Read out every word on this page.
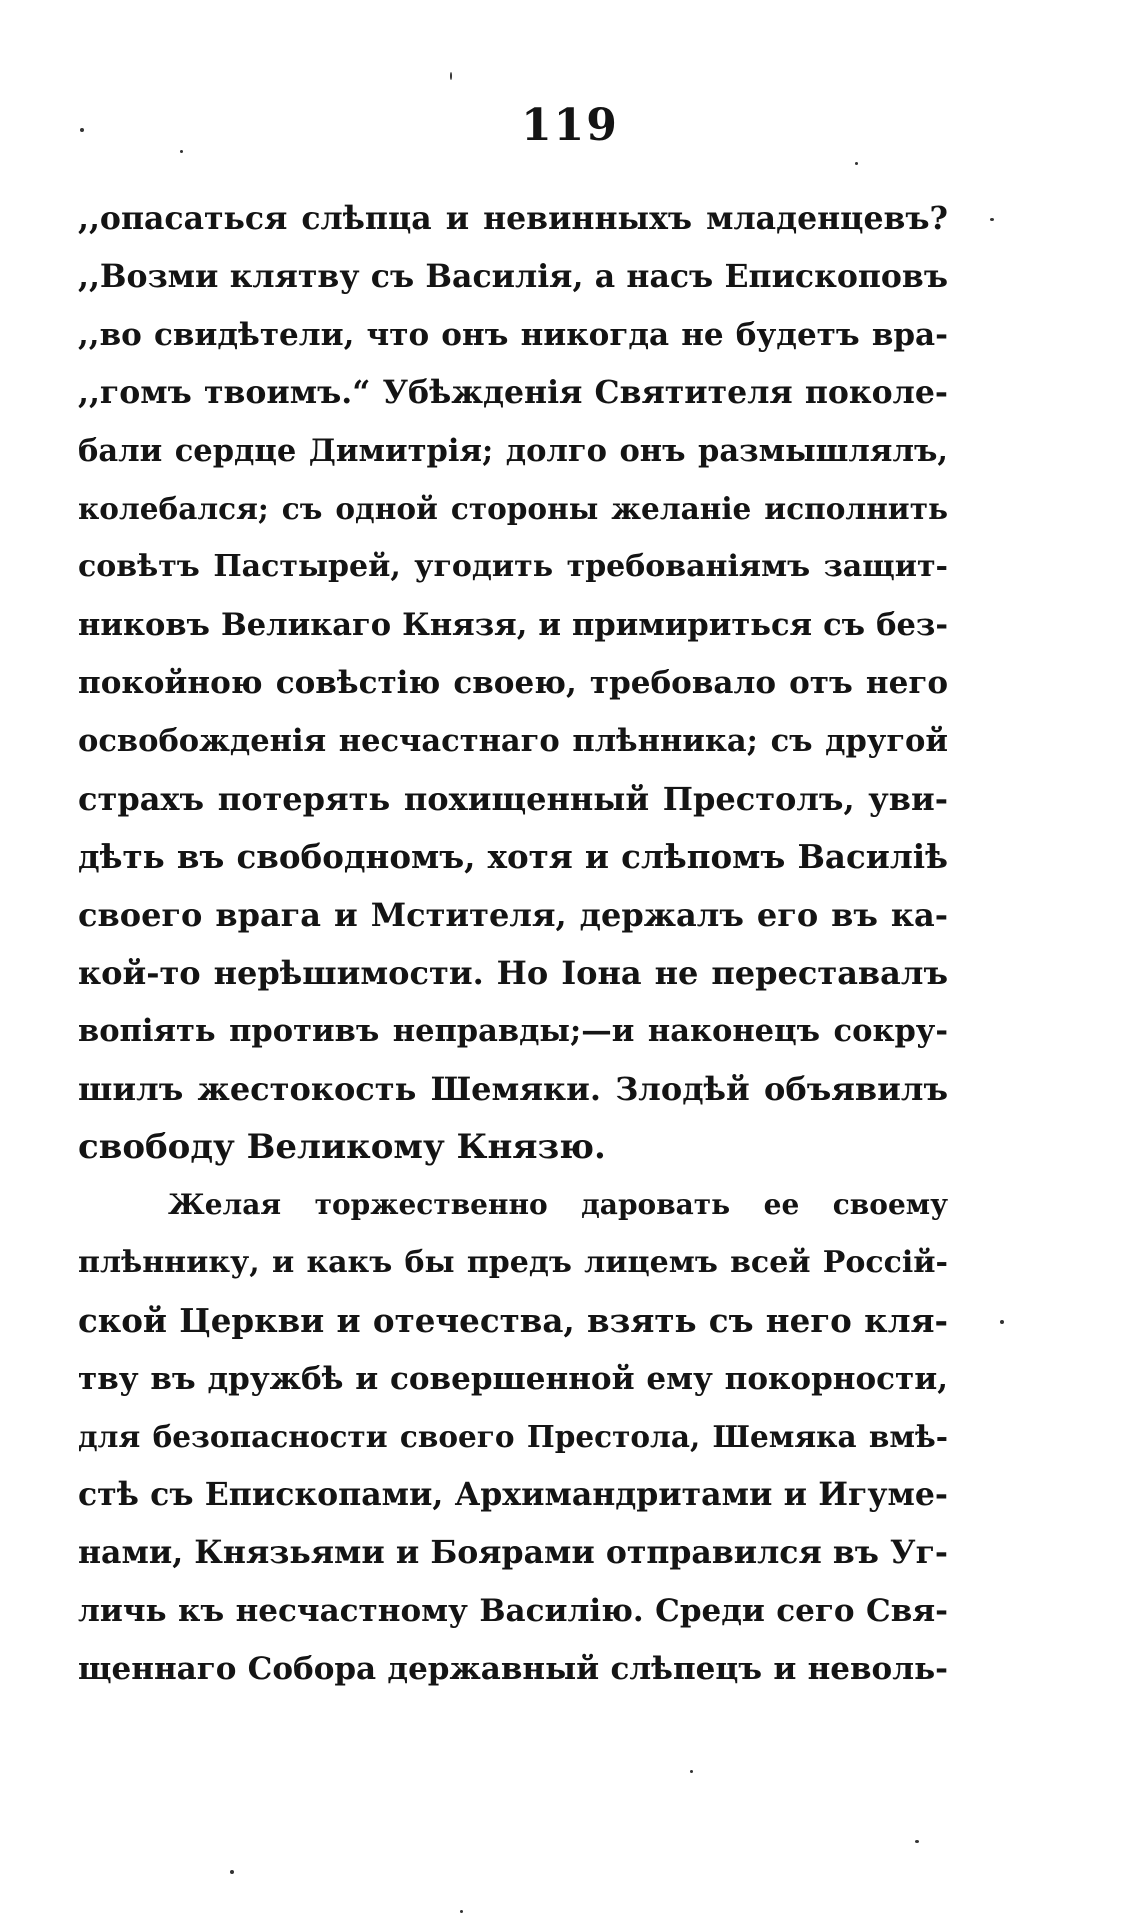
119
,,опасаться слѣпца и невинныхъ младенцевъ?
,,Возми клятву съ Василія, а насъ Епископовъ
,,во свидѣтели, что онъ никогда не будетъ вра-
,,гомъ твоимъ.“ Убѣжденія Святителя поколе-
бали сердце Димитрія; долго онъ размышлялъ,
колебался; съ одной стороны желаніе исполнить
совѣтъ Пастырей, угодить требованіямъ защит-
никовъ Великаго Князя, и примириться съ без-
покойною совѣстію своею, требовало отъ него
освобожденія несчастнаго плѣнника; съ другой
страхъ потерять похищенный Престолъ, уви-
дѣть въ свободномъ, хотя и слѣпомъ Василіѣ
своего врага и Мстителя, держалъ его въ ка-
кой-то нерѣшимости. Но Іона не переставалъ
вопіять противъ неправды;—и наконецъ сокру-
шилъ жестокость Шемяки. Злодѣй объявилъ
свободу Великому Князю.
Желая торжественно даровать ее своему
плѣннику, и какъ бы предъ лицемъ всей Россій-
ской Церкви и отечества, взять съ него кля-
тву въ дружбѣ и совершенной ему покорности,
для безопасности своего Престола, Шемяка вмѣ-
стѣ съ Епископами, Архимандритами и Игуме-
нами, Князьями и Боярами отправился въ Уг-
личь къ несчастному Василію. Среди сего Свя-
щеннаго Собора державный слѣпецъ и неволь-
